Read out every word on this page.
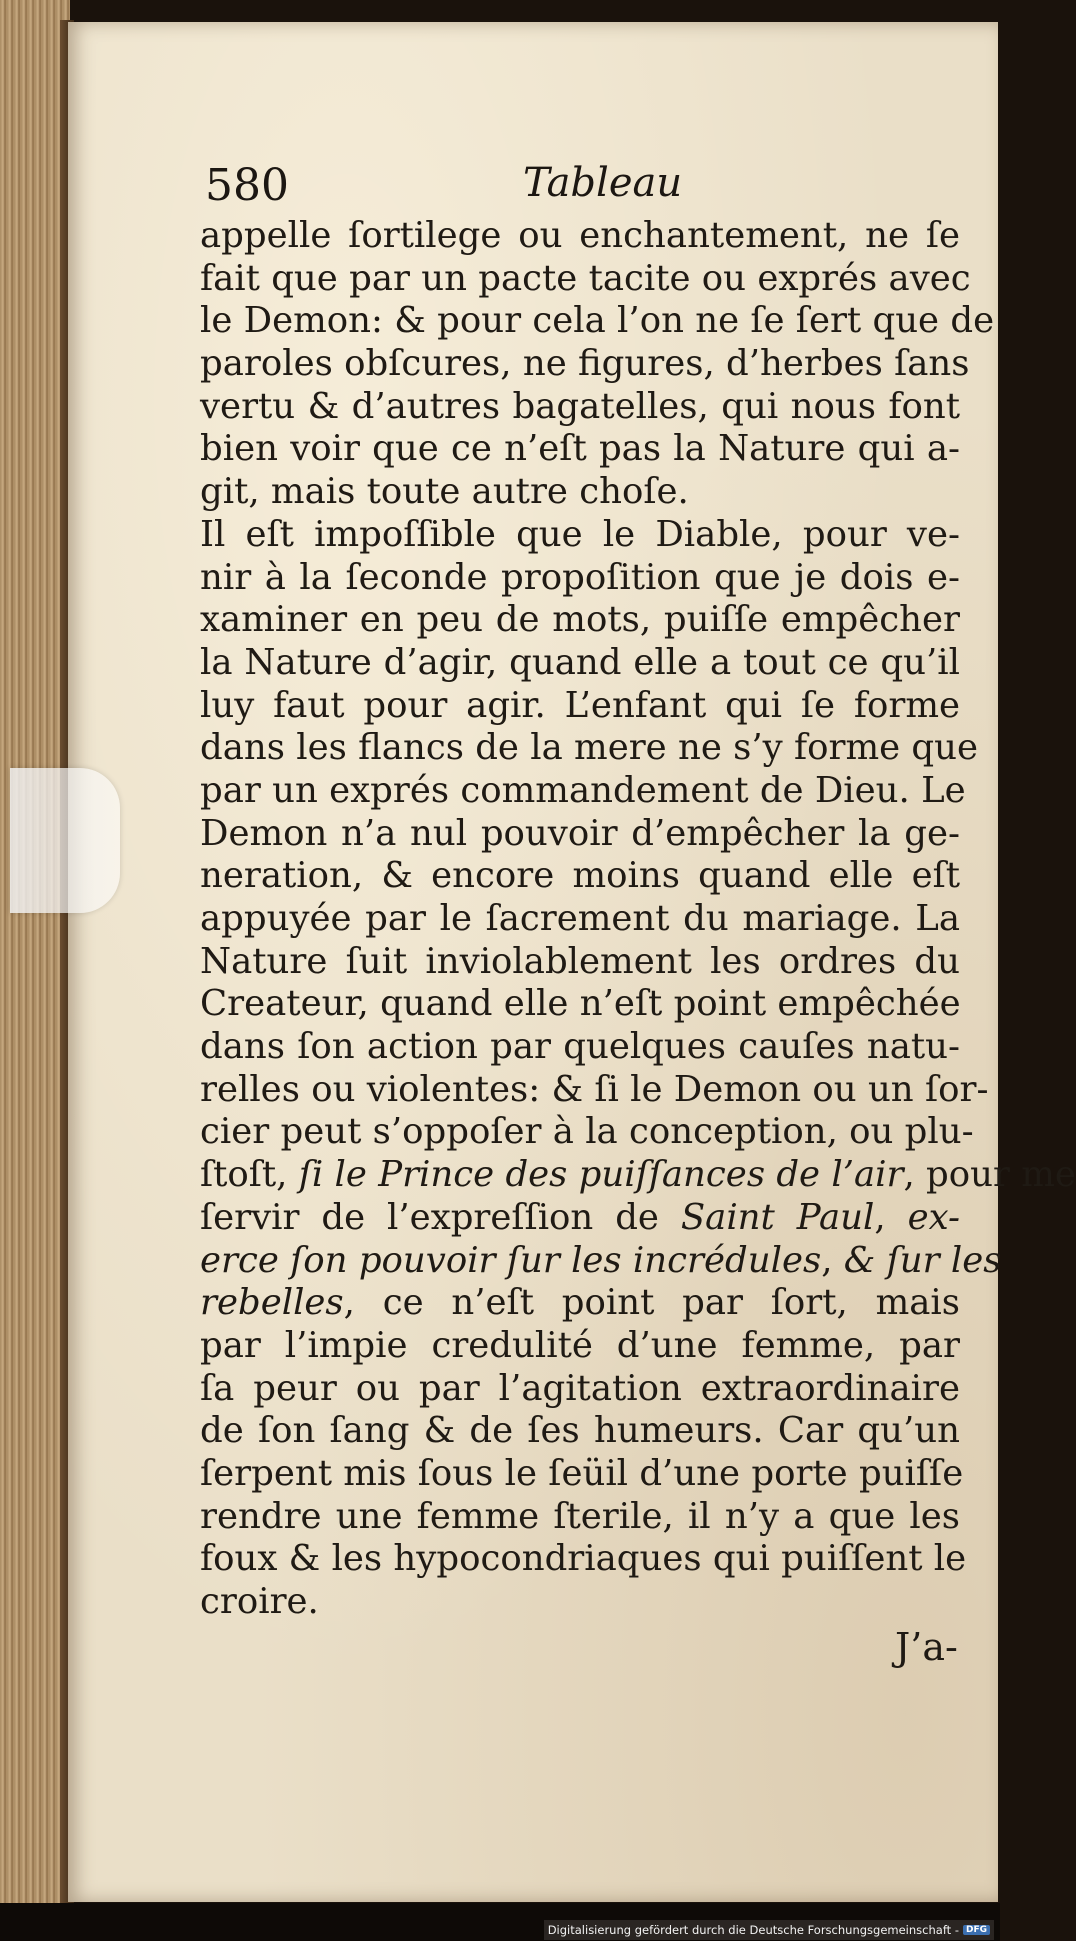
580	Tableau
appelle ſortilege ou enchantement, ne ſe
fait que par un pacte tacite ou exprés avec
le Demon: & pour cela l’on ne ſe ſert que de
paroles obſcures, ne figures, d’herbes ſans
vertu & d’autres bagatelles, qui nous font
bien voir que ce n’eſt pas la Nature qui a-
git, mais toute autre choſe.
Il eſt impoſſible que le Diable, pour ve-
nir à la ſeconde propoſition que je dois e-
xaminer en peu de mots, puiſſe empêcher
la Nature d’agir, quand elle a tout ce qu’il
luy faut pour agir. L’enfant qui ſe forme
dans les flancs de la mere ne s’y forme que
par un exprés commandement de Dieu. Le
Demon n’a nul pouvoir d’empêcher la ge-
neration, & encore moins quand elle eſt
appuyée par le ſacrement du mariage. La
Nature ſuit inviolablement les ordres du
Createur, quand elle n’eſt point empêchée
dans ſon action par quelques cauſes natu-
relles ou violentes: & ſi le Demon ou un ſor-
cier peut s’oppoſer à la conception, ou plu-
ſtoſt, ſi le Prince des puiſſances de l’air, pour me
ſervir de l’expreſſion de Saint Paul, ex-
erce ſon pouvoir ſur les incrédules, & ſur les
rebelles, ce n’eſt point par ſort, mais
par l’impie credulité d’une femme, par
ſa peur ou par l’agitation extraordinaire
de ſon ſang & de ſes humeurs. Car qu’un
ſerpent mis ſous le ſeüil d’une porte puiſſe
rendre une femme ſterile, il n’y a que les
foux & les hypocondriaques qui puiſſent le
croire.
J’a-
Digitalisierung gefördert durch die Deutsche Forschungsgemeinschaft - DFG
